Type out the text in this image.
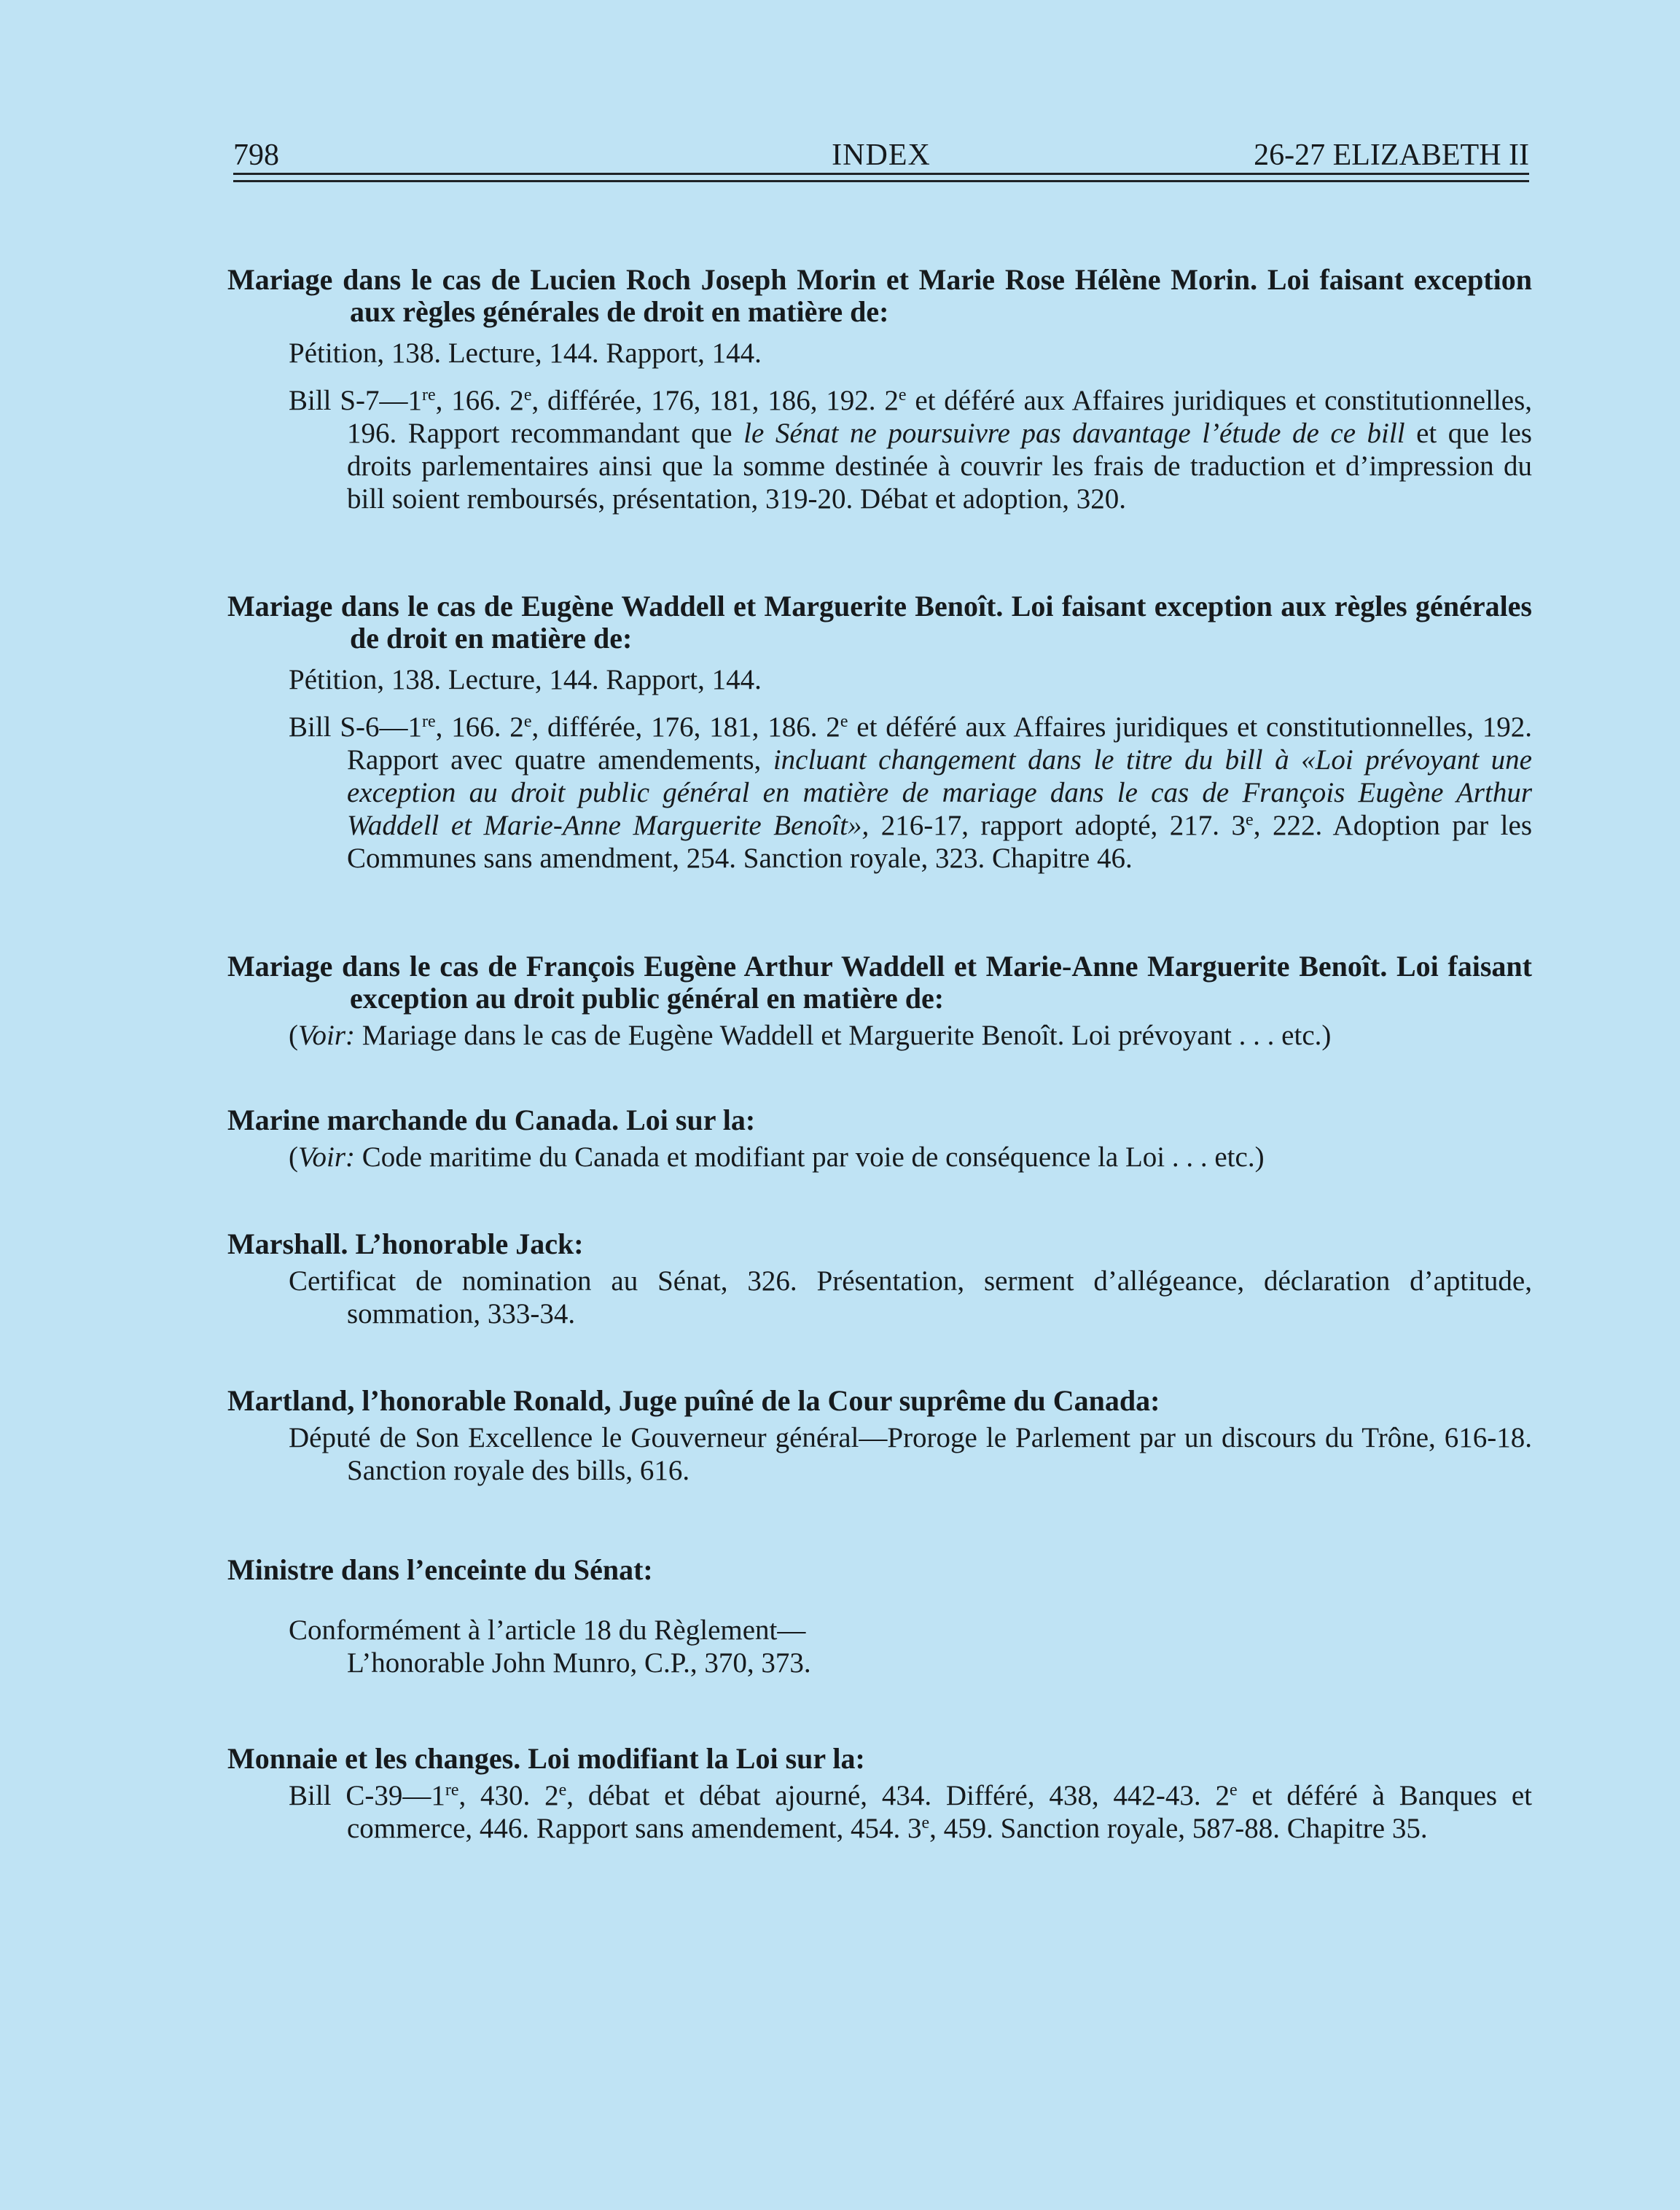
798	INDEX	26-27 ELIZABETH II

Mariage dans le cas de Lucien Roch Joseph Morin et Marie Rose Hélène Morin. Loi faisant exception aux règles générales de droit en matière de:

Pétition, 138. Lecture, 144. Rapport, 144.

Bill S-7—1re, 166. 2e, différée, 176, 181, 186, 192. 2e et déféré aux Affaires juridiques et constitutionnelles, 196. Rapport recommandant que le Sénat ne poursuivre pas davantage l’étude de ce bill et que les droits parlementaires ainsi que la somme destinée à couvrir les frais de traduction et d’impression du bill soient remboursés, présentation, 319-20. Débat et adoption, 320.

Mariage dans le cas de Eugène Waddell et Marguerite Benoît. Loi faisant exception aux règles générales de droit en matière de:

Pétition, 138. Lecture, 144. Rapport, 144.

Bill S-6—1re, 166. 2e, différée, 176, 181, 186. 2e et déféré aux Affaires juridiques et constitutionnelles, 192. Rapport avec quatre amendements, incluant changement dans le titre du bill à «Loi prévoyant une exception au droit public général en matière de mariage dans le cas de François Eugène Arthur Waddell et Marie-Anne Marguerite Benoît», 216-17, rapport adopté, 217. 3e, 222. Adoption par les Communes sans amendment, 254. Sanction royale, 323. Chapitre 46.

Mariage dans le cas de François Eugène Arthur Waddell et Marie-Anne Marguerite Benoît. Loi faisant exception au droit public général en matière de:

(Voir: Mariage dans le cas de Eugène Waddell et Marguerite Benoît. Loi prévoyant . . . etc.)

Marine marchande du Canada. Loi sur la:

(Voir: Code maritime du Canada et modifiant par voie de conséquence la Loi . . . etc.)

Marshall. L’honorable Jack:

Certificat de nomination au Sénat, 326. Présentation, serment d’allégeance, déclaration d’aptitude, sommation, 333-34.

Martland, l’honorable Ronald, Juge puîné de la Cour suprême du Canada:

Député de Son Excellence le Gouverneur général—Proroge le Parlement par un discours du Trône, 616-18. Sanction royale des bills, 616.

Ministre dans l’enceinte du Sénat:

Conformément à l’article 18 du Règlement—

L’honorable John Munro, C.P., 370, 373.

Monnaie et les changes. Loi modifiant la Loi sur la:

Bill C-39—1re, 430. 2e, débat et débat ajourné, 434. Différé, 438, 442-43. 2e et déféré à Banques et commerce, 446. Rapport sans amendement, 454. 3e, 459. Sanction royale, 587-88. Chapitre 35.
